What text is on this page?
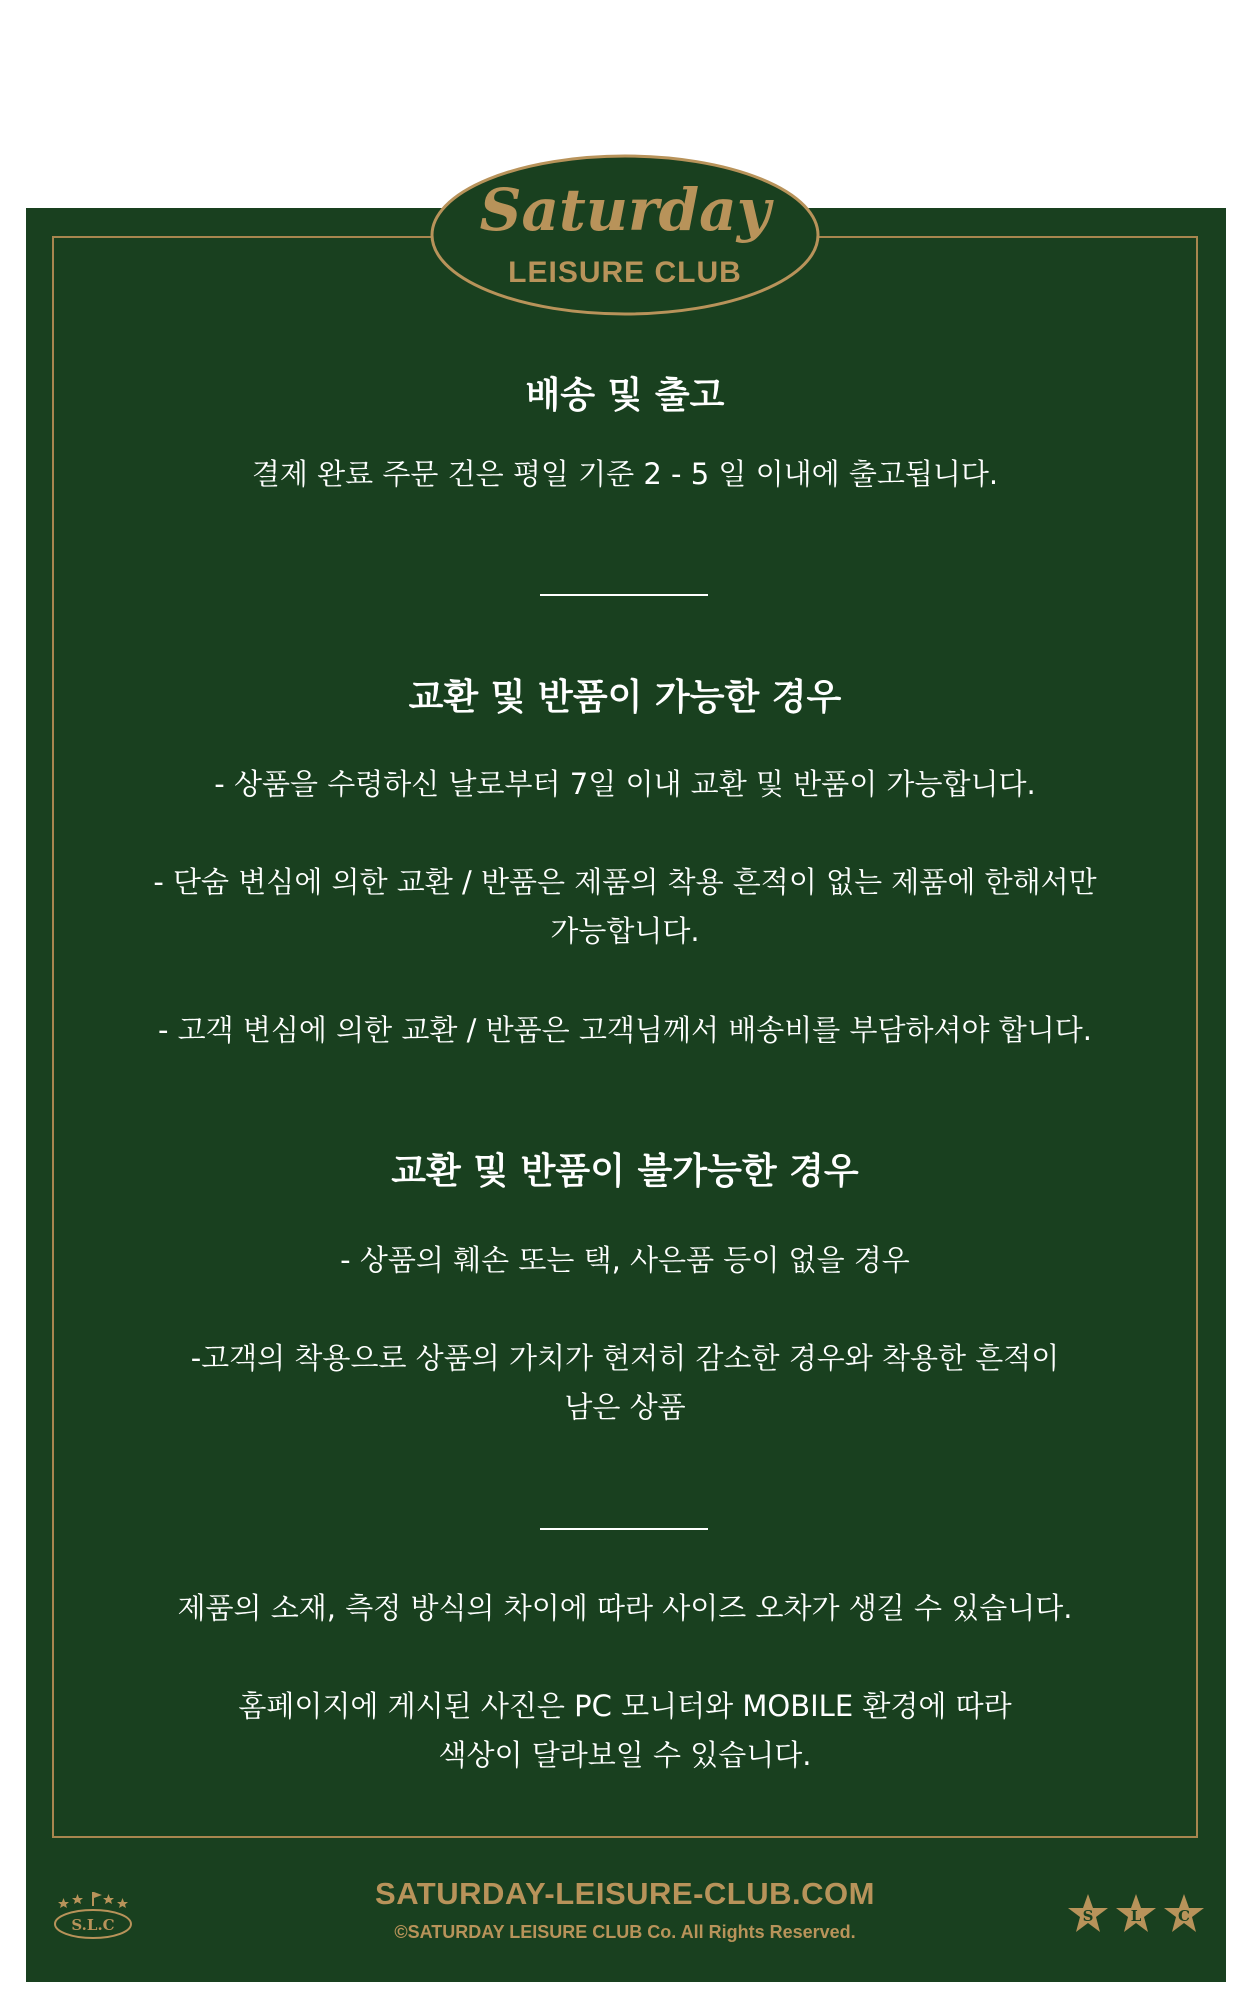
Saturday
LEISURE CLUB
배송 및 출고
결제 완료 주문 건은 평일 기준 2 - 5 일 이내에 출고됩니다.
교환 및 반품이 가능한 경우
- 상품을 수령하신 날로부터 7일 이내 교환 및 반품이 가능합니다.
- 단숨 변심에 의한 교환 / 반품은 제품의 착용 흔적이 없는 제품에 한해서만
가능합니다.
- 고객 변심에 의한 교환 / 반품은 고객님께서 배송비를 부담하셔야 합니다.
교환 및 반품이 불가능한 경우
- 상품의 훼손 또는 택, 사은품 등이 없을 경우
-고객의 착용으로 상품의 가치가 현저히 감소한 경우와 착용한 흔적이
남은 상품
제품의 소재, 측정 방식의 차이에 따라 사이즈 오차가 생길 수 있습니다.
홈페이지에 게시된 사진은 PC 모니터와 MOBILE 환경에 따라
색상이 달라보일 수 있습니다.
S.L.C
SATURDAY-LEISURE-CLUB.COM
©SATURDAY LEISURE CLUB Co. All Rights Reserved.
S L C
